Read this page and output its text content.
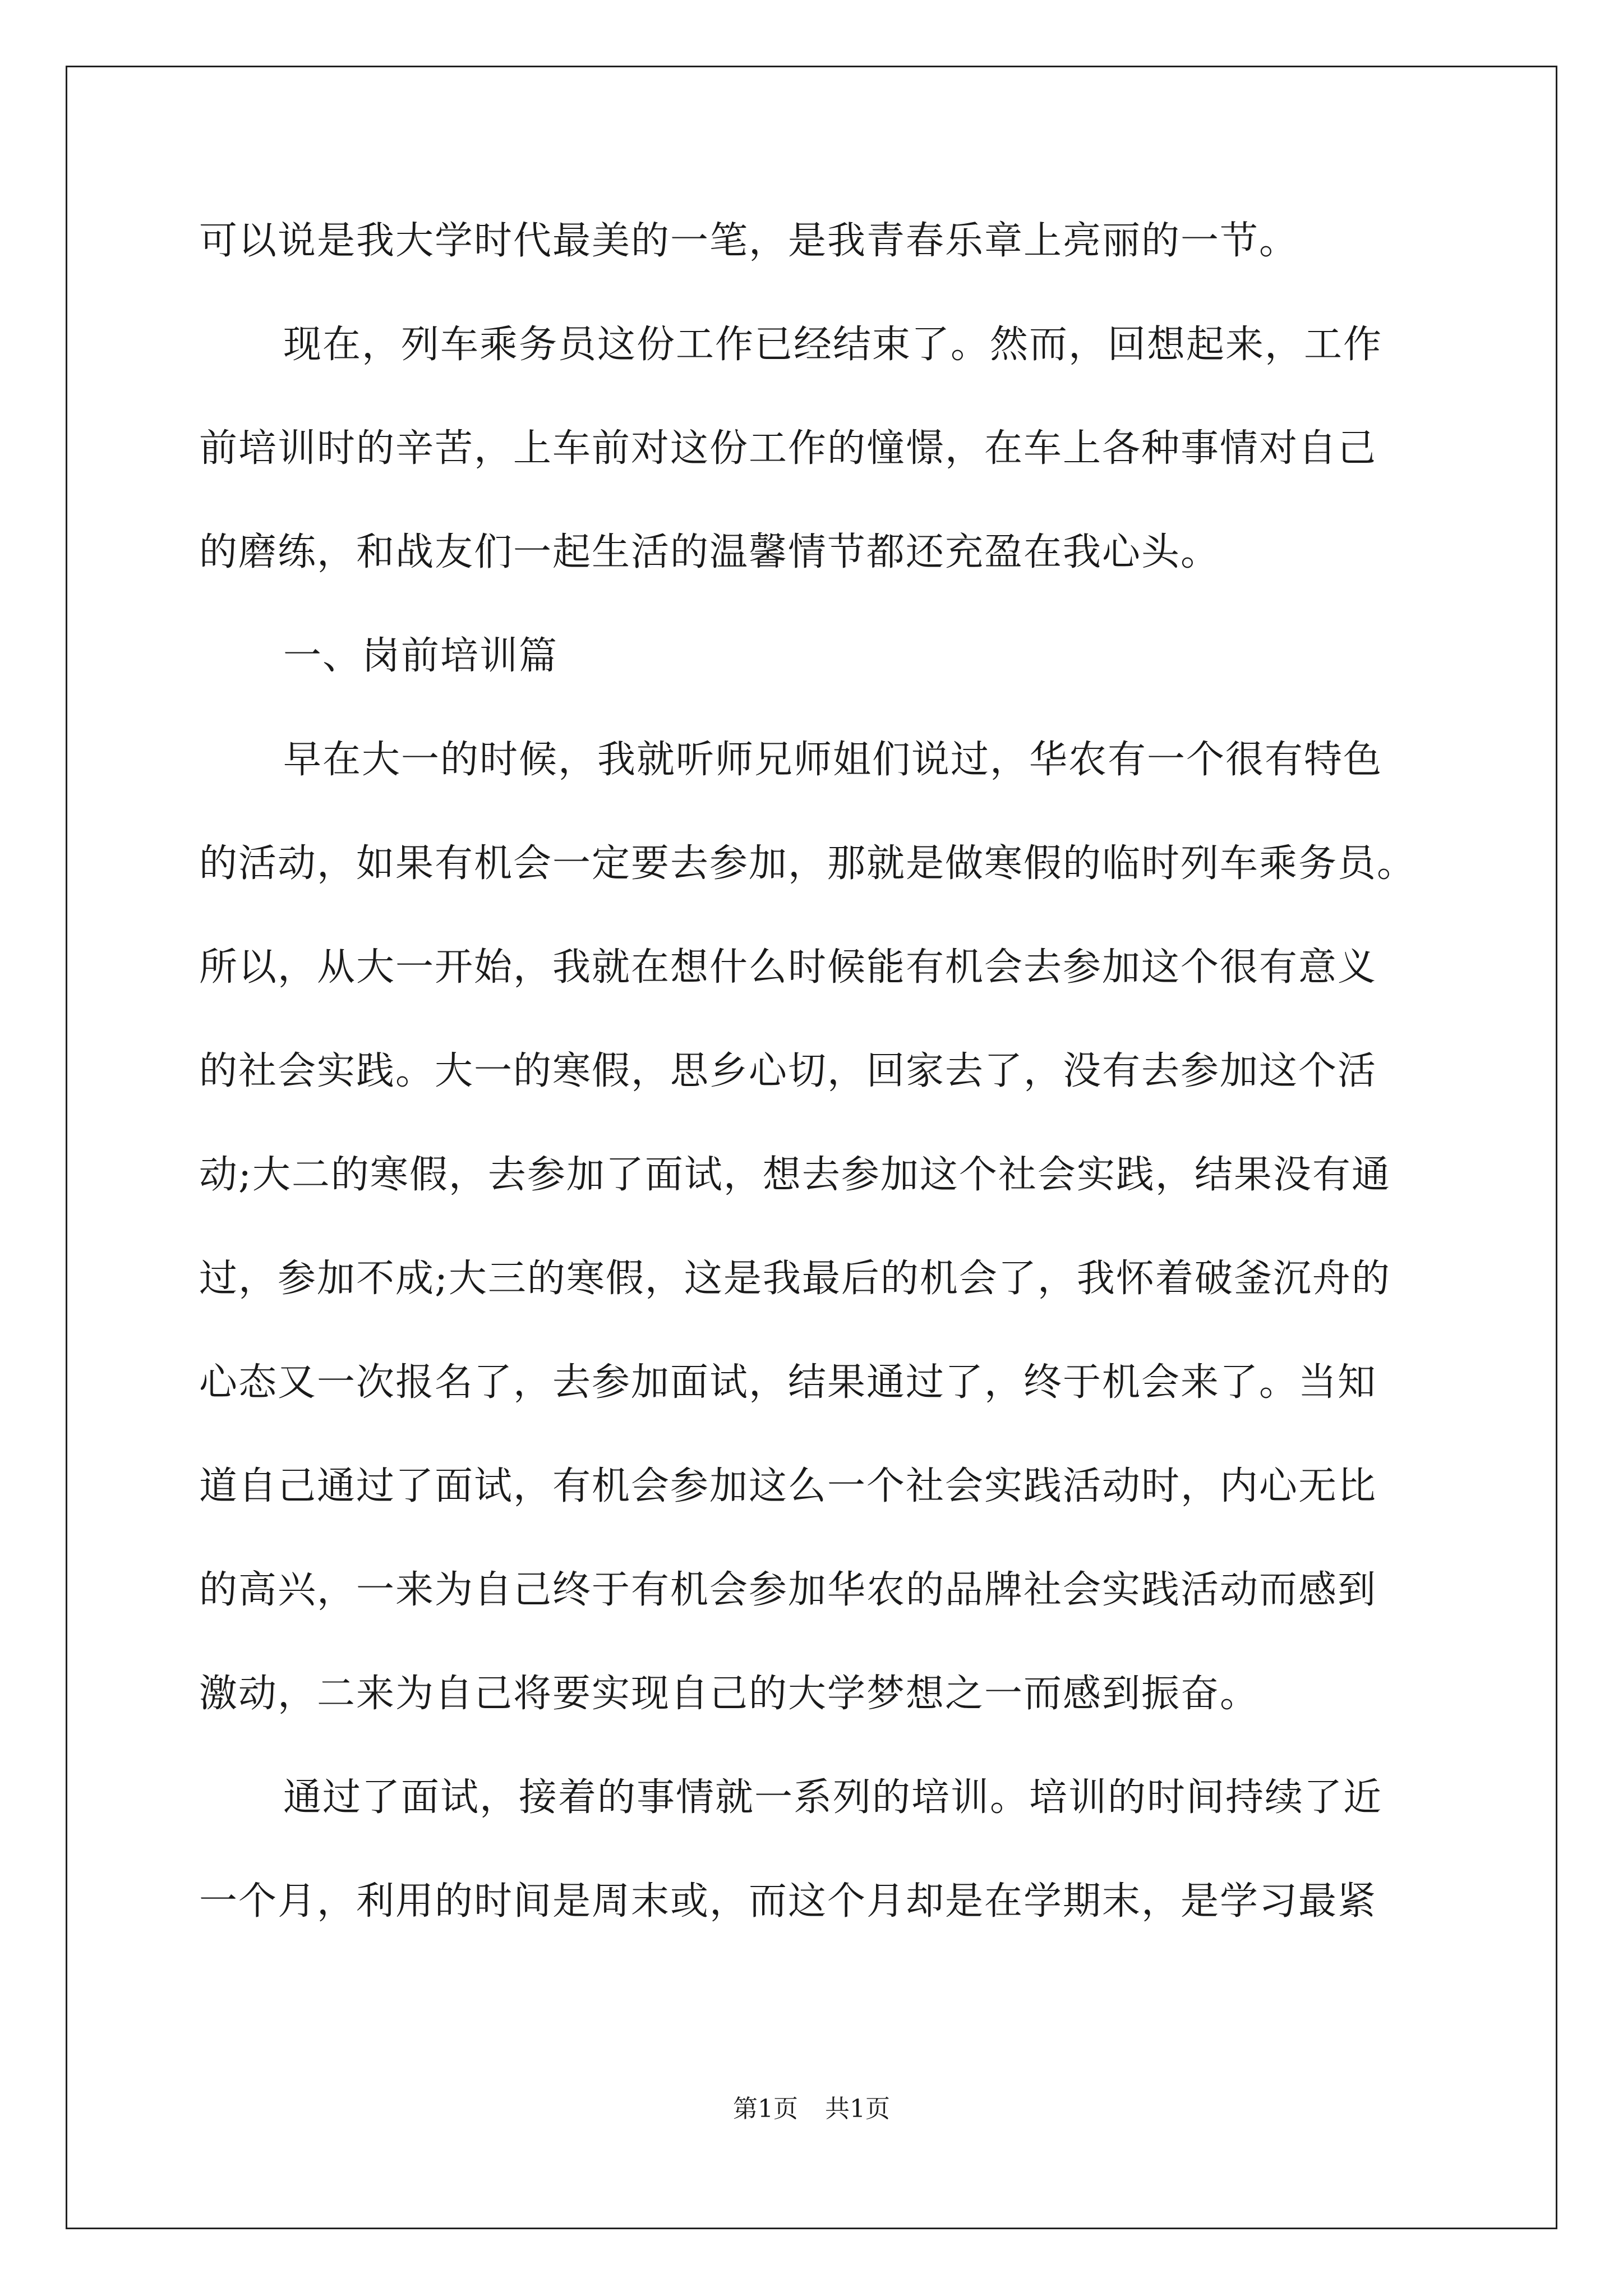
可以说是我大学时代最美的一笔，是我青春乐章上亮丽的一节。
现在，列车乘务员这份工作已经结束了。然而，回想起来，工作
前培训时的辛苦，上车前对这份工作的憧憬，在车上各种事情对自己
的磨练，和战友们一起生活的温馨情节都还充盈在我心头。
一、岗前培训篇
早在大一的时候，我就听师兄师姐们说过，华农有一个很有特色
的活动，如果有机会一定要去参加，那就是做寒假的临时列车乘务员。
所以，从大一开始，我就在想什么时候能有机会去参加这个很有意义
的社会实践。大一的寒假，思乡心切，回家去了，没有去参加这个活
动;大二的寒假，去参加了面试，想去参加这个社会实践，结果没有通
过，参加不成;大三的寒假，这是我最后的机会了，我怀着破釜沉舟的
心态又一次报名了，去参加面试，结果通过了，终于机会来了。当知
道自己通过了面试，有机会参加这么一个社会实践活动时，内心无比
的高兴，一来为自己终于有机会参加华农的品牌社会实践活动而感到
激动，二来为自己将要实现自己的大学梦想之一而感到振奋。
通过了面试，接着的事情就一系列的培训。培训的时间持续了近
一个月，利用的时间是周末或，而这个月却是在学期末，是学习最紧
第1页 共1页
